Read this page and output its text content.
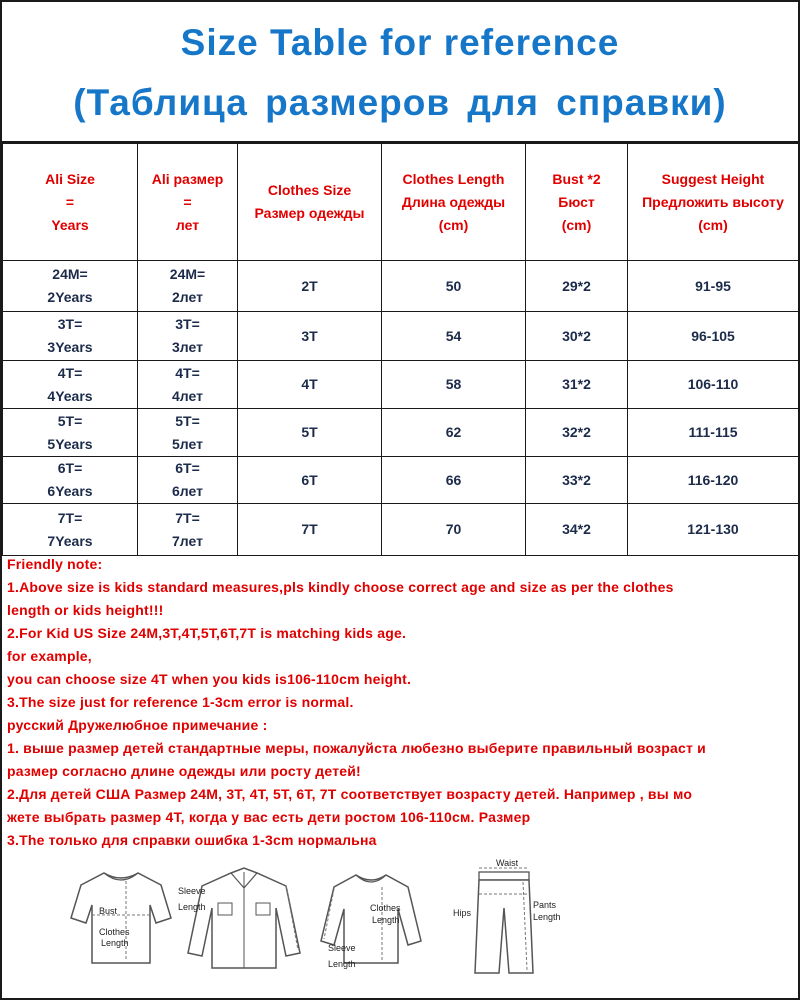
Size Table for reference
(Таблица размеров для справки)
Ali Size
=
Years	Ali размер
=
лет	Clothes Size
Размер одежды	Clothes Length
Длина одежды
(cm)	Bust *2
Бюст
(cm)	Suggest Height
Предложить высоту
(cm)

24M=
2Years	24M=
2лет	2T	50	29*2	91-95

3T=
3Years	3T=
3лет	3T	54	30*2	96-105

4T=
4Years	4T=
4лет	4T	58	31*2	106-110

5T=
5Years	5T=
5лет	5T	62	32*2	111-115

6T=
6Years	6T=
6лет	6T	66	33*2	116-120

7T=
7Years	7T=
7лет	7T	70	34*2	121-130
Friendly note:
1.Above size is kids standard measures,pls kindly choose correct age and size as per the clothes
length or kids height!!!
2.For Kid US Size 24M,3T,4T,5T,6T,7T is matching kids age.
for example,
you can choose size 4T when you kids is106-110cm height.
3.The size just for reference 1-3cm error is normal.
русский Дружелюбное примечание :
1. выше размер детей стандартные меры, пожалуйста любезно выберите правильный возраст и
размер согласно длине одежды или росту детей!
2.Для детей США Размер 24M, 3T, 4T, 5T, 6T, 7T соответствует возрасту детей. Например , вы мо
жете выбрать размер 4T, когда у вас есть дети ростом 106-110см. Размер
3.The только для справки ошибка 1-3cm нормальна
Bust
Clothes
Length
Sleeve
Length	Clothes
Length
Sleeve
Length
Waist
Hips
Pants
Length
